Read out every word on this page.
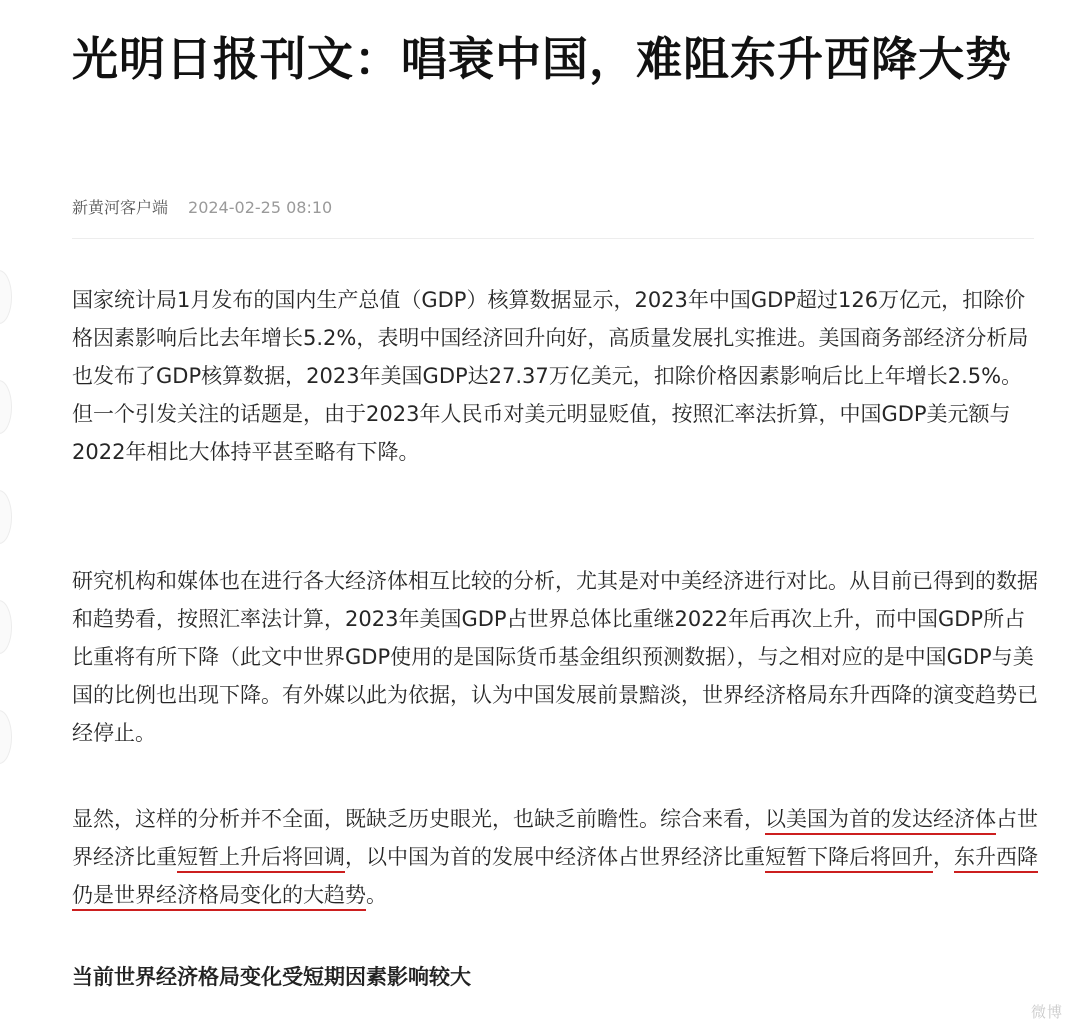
光明日报刊文：唱衰中国，难阻东升西降大势
新黄河客户端 2024-02-25 08:10

国家统计局1月发布的国内生产总值（GDP）核算数据显示，2023年中国GDP超过126万亿元，扣除价格因素影响后比去年增长5.2%，表明中国经济回升向好，高质量发展扎实推进。美国商务部经济分析局也发布了GDP核算数据，2023年美国GDP达27.37万亿美元，扣除价格因素影响后比上年增长2.5%。但一个引发关注的话题是，由于2023年人民币对美元明显贬值，按照汇率法折算，中国GDP美元额与2022年相比大体持平甚至略有下降。

研究机构和媒体也在进行各大经济体相互比较的分析，尤其是对中美经济进行对比。从目前已得到的数据和趋势看，按照汇率法计算，2023年美国GDP占世界总体比重继2022年后再次上升，而中国GDP所占比重将有所下降（此文中世界GDP使用的是国际货币基金组织预测数据），与之相对应的是中国GDP与美国的比例也出现下降。有外媒以此为依据，认为中国发展前景黯淡，世界经济格局东升西降的演变趋势已经停止。

显然，这样的分析并不全面，既缺乏历史眼光，也缺乏前瞻性。综合来看，以美国为首的发达经济体占世界经济比重短暂上升后将回调，以中国为首的发展中经济体占世界经济比重短暂下降后将回升，东升西降仍是世界经济格局变化的大趋势。

当前世界经济格局变化受短期因素影响较大
微博
